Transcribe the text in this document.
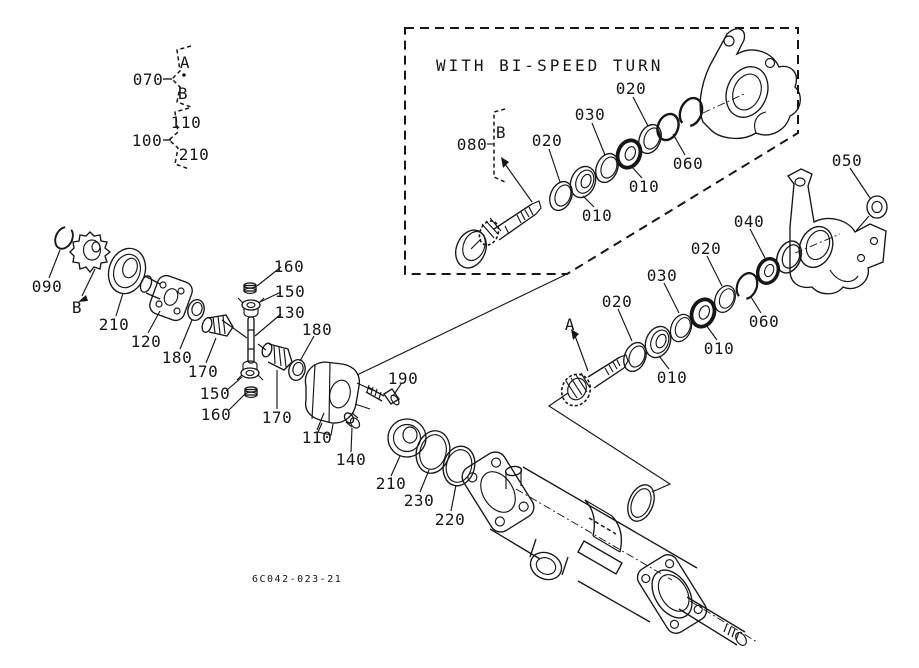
070
A
B
100
110
210
WITH BI-SPEED TURN
080
B 020
030
020
010
010
060
A
020
030
010
010
020
060
040
050
090
B
210
120
180
170
160
150
130
180
190
150
160 170
110
140
210
230
220
6C042-023-21
